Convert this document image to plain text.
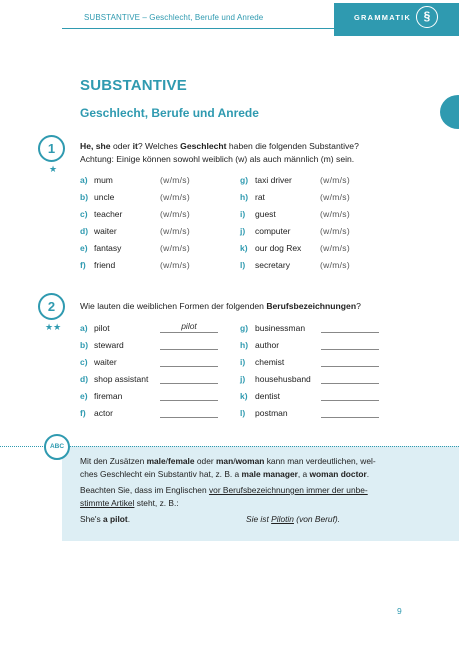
SUBSTANTIVE – Geschlecht, Berufe und Anrede	GRAMMATIK	§
SUBSTANTIVE
Geschlecht, Berufe und Anrede
1
★
He, she oder it? Welches Geschlecht haben die folgenden Substantive?
Achtung: Einige können sowohl weiblich (w) als auch männlich (m) sein.
a) mum	(w/m/s)
b) uncle	(w/m/s)
c) teacher	(w/m/s)
d) waiter	(w/m/s)
e) fantasy	(w/m/s)
f) friend	(w/m/s)
g) taxi driver	(w/m/s)
h) rat	(w/m/s)
i) guest	(w/m/s)
j) computer	(w/m/s)
k) our dog Rex (w/m/s)
l) secretary	(w/m/s)
2
★★
Wie lauten die weiblichen Formen der folgenden Berufsbezeichnungen?
a) pilot	pilot
b) steward
c) waiter
d) shop assistant
e) fireman
f) actor
g) businessman
h) author
i) chemist
j) househusband
k) dentist
l) postman
ABC
Mit den Zusätzen male/female oder man/woman kann man verdeutlichen, wel-
ches Geschlecht ein Substantiv hat, z. B. a male manager, a woman doctor.
Beachten Sie, dass im Englischen vor Berufsbezeichnungen immer der unbe-
stimmte Artikel steht, z. B.:
She's a pilot.	Sie ist Pilotin (von Beruf).
9
